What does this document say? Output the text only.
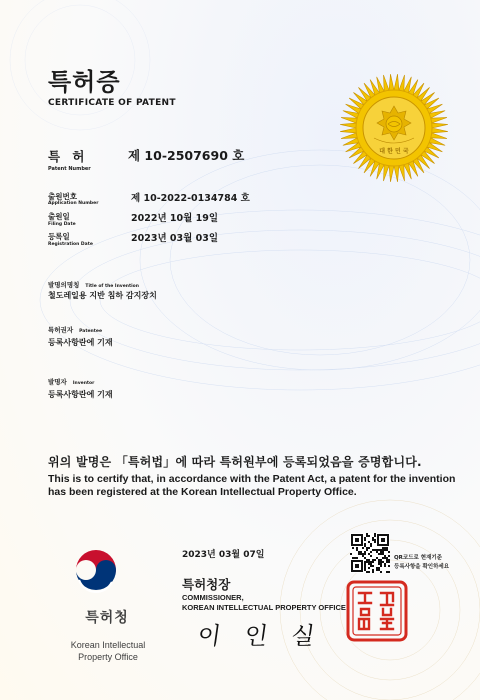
특허증
CERTIFICATE OF PATENT
대 한 민 국
특 허
Patent Number
제 10-2507690 호
출원번호
Application Number	제 10-2022-0134784 호
출원일
Filing Date
2022년 10월 19일
등록일
Registration Date
2023년 03월 03일
발명의명칭 Title of the Invention
철도레일용 지반 침하 감지장치
특허권자 Patentee
등록사항란에 기재
발명자 Inventor
등록사항란에 기재
위의 발명은 「특허법」에 따라 특허원부에 등록되었음을 증명합니다.
This is to certify that, in accordance with the Patent Act, a patent for the invention has been registered at the Korean Intellectual Property Office.
2023년 03월 07일	QR코드로 현재기준
등록사항을 확인하세요
특허청장
COMMISSIONER,
KOREAN INTELLECTUAL PROPERTY OFFICE
이 인 실
특허청
Korean Intellectual
Property Office
